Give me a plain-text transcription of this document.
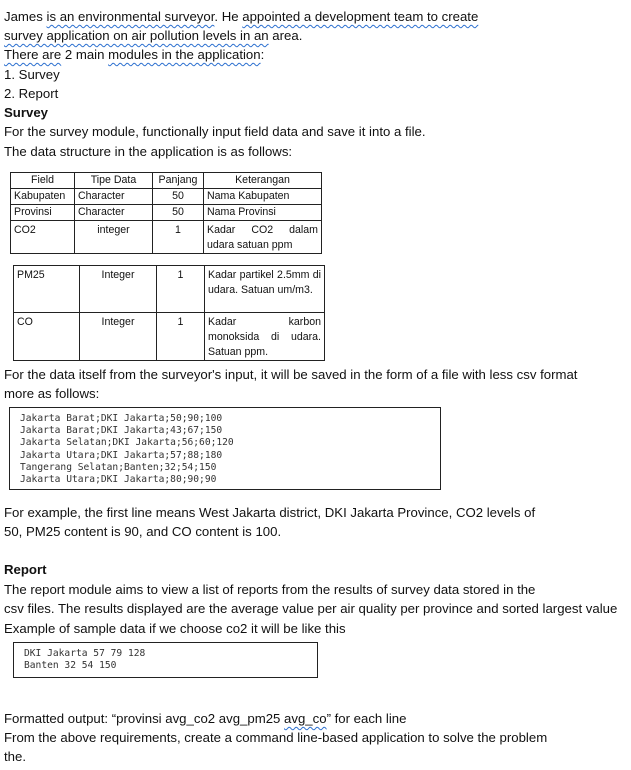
James is an environmental surveyor. He appointed a development team to create
survey application on air pollution levels in an area.
There are 2 main modules in the application:
1. Survey
2. Report
Survey
For the survey module, functionally input field data and save it into a file.
The data structure in the application is as follows:
Field	Tipe Data	Panjang	Keterangan
Kabupaten	Character	50	Nama Kabupaten
Provinsi	Character	50	Nama Provinsi
CO2	integer	1	Kadar CO2 dalam udara satuan ppm
PM25	Integer	1	Kadar partikel 2.5mm di udara. Satuan um/m3.
CO	Integer	1	Kadar karbon monoksida di udara. Satuan ppm.
For the data itself from the surveyor's input, it will be saved in the form of a file with less csv format
more as follows:
Jakarta Barat;DKI Jakarta;50;90;100
Jakarta Barat;DKI Jakarta;43;67;150
Jakarta Selatan;DKI Jakarta;56;60;120
Jakarta Utara;DKI Jakarta;57;88;180
Tangerang Selatan;Banten;32;54;150
Jakarta Utara;DKI Jakarta;80;90;90
For example, the first line means West Jakarta district, DKI Jakarta Province, CO2 levels of
50, PM25 content is 90, and CO content is 100.
Report
The report module aims to view a list of reports from the results of survey data stored in the
csv files. The results displayed are the average value per air quality per province and sorted largest value
Example of sample data if we choose co2 it will be like this
DKI Jakarta 57 79 128
Banten 32 54 150
Formatted output: “provinsi avg_co2 avg_pm25 avg_co” for each line
From the above requirements, create a command line-based application to solve the problem
the.
